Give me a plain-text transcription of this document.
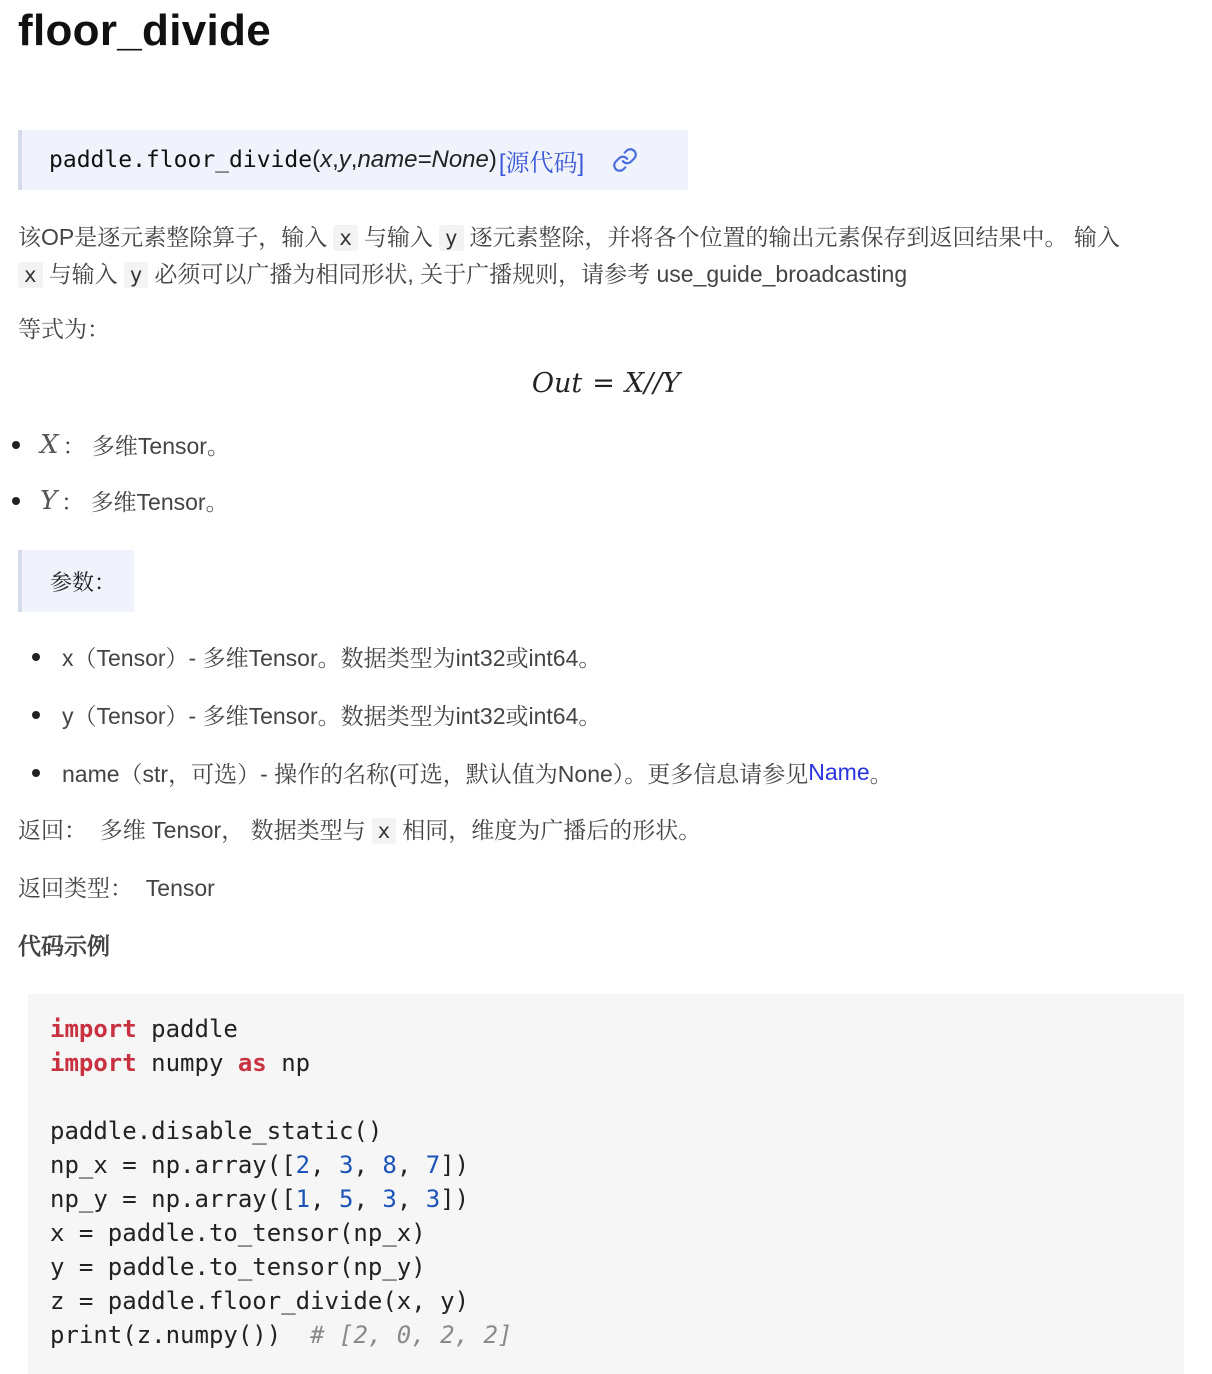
floor_divide
paddle.floor_divide ( x , y , name=None ) [源代码]
该OP是逐元素整除算子，输入 x 与输入 y 逐元素整除，并将各个位置的输出元素保存到返回结果中。 输入
x 与输入 y 必须可以广播为相同形状, 关于广播规则，请参考 use_guide_broadcasting
等式为：
Out = X//Y
X ： 多维Tensor。
Y ： 多维Tensor。
参数：
x（Tensor）- 多维Tensor。数据类型为int32或int64。
y（Tensor）- 多维Tensor。数据类型为int32或int64。
name（str，可选）- 操作的名称(可选，默认值为None）。更多信息请参见 Name 。
返回： 多维 Tensor， 数据类型与 x 相同，维度为广播后的形状。
返回类型： Tensor
代码示例
import paddle
import numpy as np

paddle.disable_static()
np_x = np.array([2, 3, 8, 7])
np_y = np.array([1, 5, 3, 3])
x = paddle.to_tensor(np_x)
y = paddle.to_tensor(np_y)
z = paddle.floor_divide(x, y)
print(z.numpy()) # [2, 0, 2, 2]
